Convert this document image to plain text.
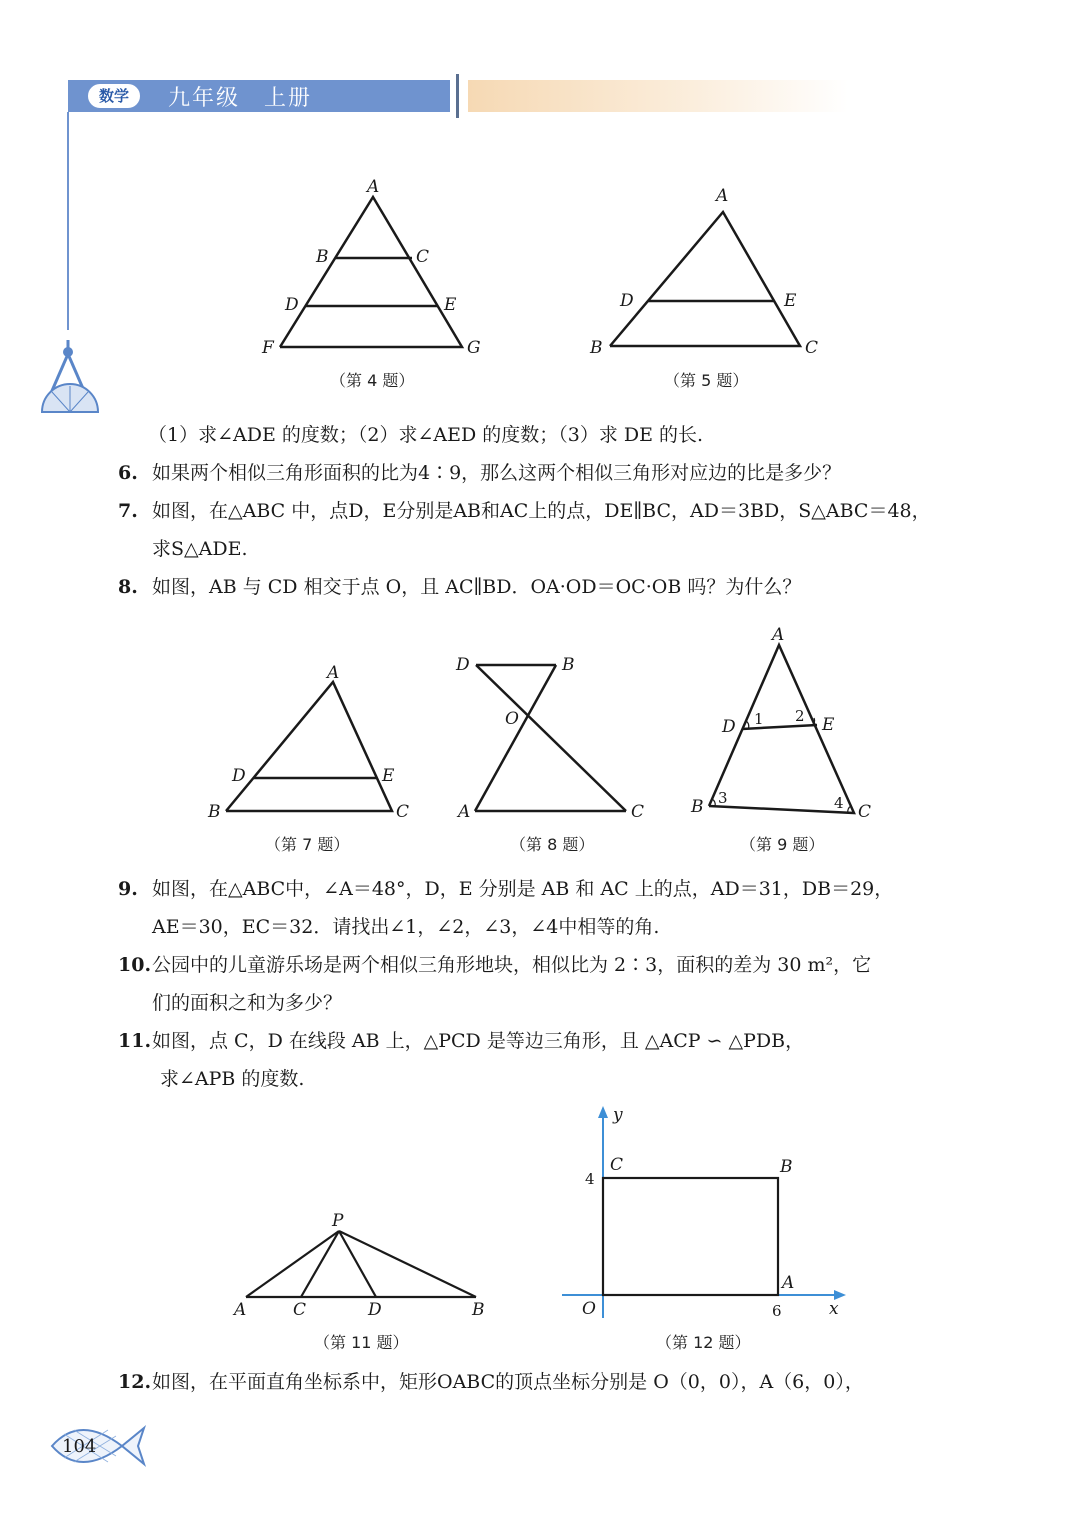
数学	九年级　上册
A
B	C
D	E
F	G
（第 4 题）
A
D	E
B	C
（第 5 题）
（1）求∠ADE 的度数；（2）求∠AED 的度数；（3）求 DE 的长.
6. 如果两个相似三角形面积的比为4∶9，那么这两个相似三角形对应边的比是多少？
7. 如图，在△ABC 中，点D，E分别是AB和AC上的点，DE∥BC，AD＝3BD，S△ABC＝48，
求S△ADE.
8. 如图，AB 与 CD 相交于点 O，且 AC∥BD．OA·OD＝OC·OB 吗？为什么？
A
D	E
B	C
（第 7 题）
D	B
O
A	C
（第 8 题）
A
D	E
B	C
1 2
3	4
（第 9 题）
9. 如图，在△ABC中，∠A＝48°，D，E 分别是 AB 和 AC 上的点，AD＝31，DB＝29，
AE＝30，EC＝32．请找出∠1，∠2，∠3，∠4中相等的角.
10.公园中的儿童游乐场是两个相似三角形地块，相似比为 2∶3，面积的差为 30 m²，它
们的面积之和为多少？
11.如图，点 C，D 在线段 AB 上，△PCD 是等边三角形，且 △ACP ∽ △PDB，
求∠APB 的度数.
P
A	C	D	B
（第 11 题）
y
C	B
A
O	x
4
6
（第 12 题）
12.如图，在平面直角坐标系中，矩形OABC的顶点坐标分别是 O（0，0），A（6，0），
104
